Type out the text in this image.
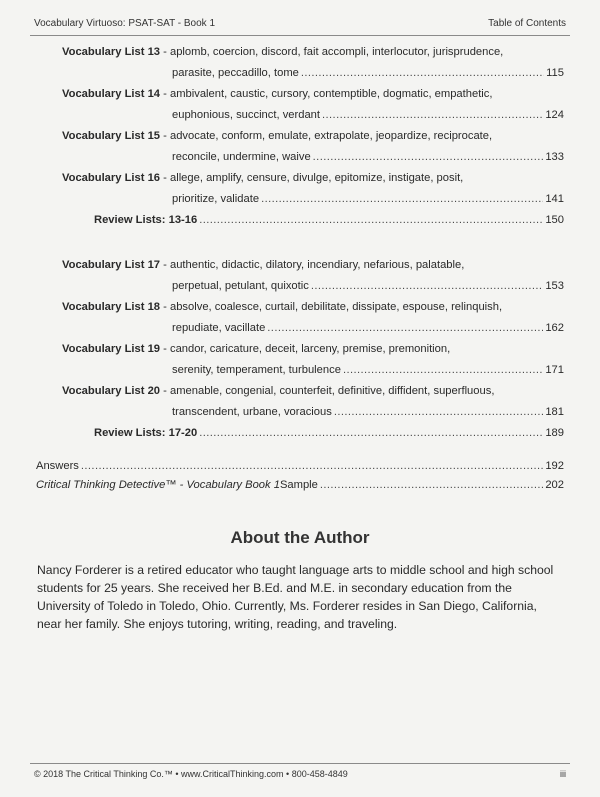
Vocabulary Virtuoso: PSAT-SAT - Book 1	Table of Contents
Vocabulary List 13 - aplomb, coercion, discord, fait accompli, interlocutor, jurisprudence,
parasite, peccadillo, tome .....	115
Vocabulary List 14 - ambivalent, caustic, cursory, contemptible, dogmatic, empathetic,
euphonious, succinct, verdant .....	124
Vocabulary List 15 - advocate, conform, emulate, extrapolate, jeopardize, reciprocate,
reconcile, undermine, waive .....	133
Vocabulary List 16 - allege, amplify, censure, divulge, epitomize, instigate, posit,
prioritize, validate .....	141
Review Lists: 13-16 .....	150
Vocabulary List 17 - authentic, didactic, dilatory, incendiary, nefarious, palatable,
perpetual, petulant, quixotic .....	153
Vocabulary List 18 - absolve, coalesce, curtail, debilitate, dissipate, espouse, relinquish,
repudiate, vacillate .....	162
Vocabulary List 19 - candor, caricature, deceit, larceny, premise, premonition,
serenity, temperament, turbulence .....	171
Vocabulary List 20 - amenable, congenial, counterfeit, definitive, diffident, superfluous,
transcendent, urbane, voracious .....	181
Review Lists: 17-20 .....	189
Answers .....	192
Critical Thinking Detective™ - Vocabulary Book 1 Sample .....	202
About the Author
Nancy Forderer is a retired educator who taught language arts to middle school and high school
students for 25 years. She received her B.Ed. and M.E. in secondary education from the
University of Toledo in Toledo, Ohio. Currently, Ms. Forderer resides in San Diego, California,
near her family. She enjoys tutoring, writing, reading, and traveling.
© 2018 The Critical Thinking Co.™ • www.CriticalThinking.com • 800-458-4849	iii
